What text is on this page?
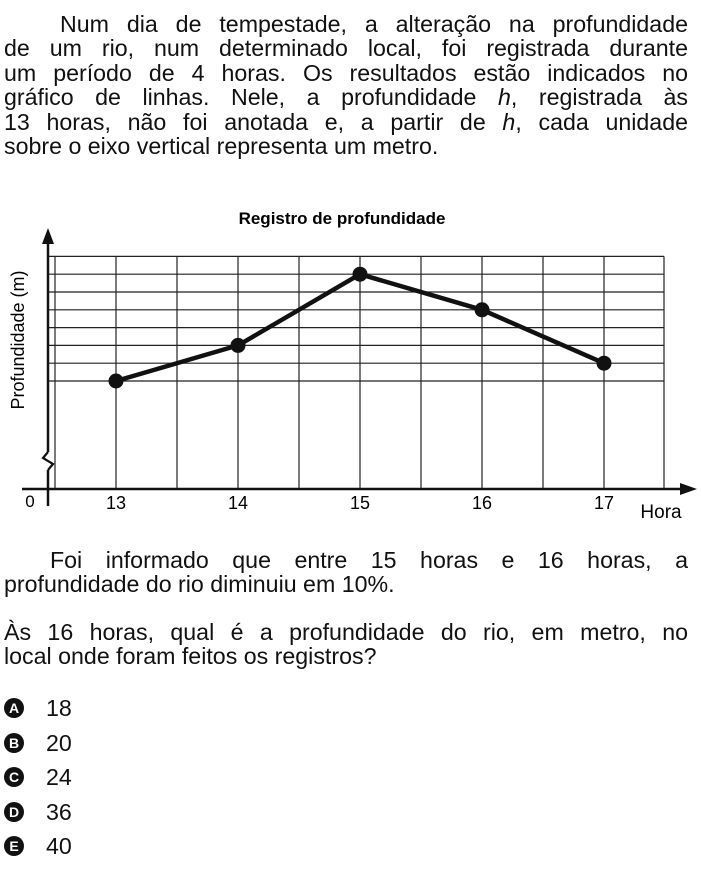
Num dia de tempestade, a alteração na profundidade
de um rio, num determinado local, foi registrada durante
um período de 4 horas. Os resultados estão indicados no
gráfico de linhas. Nele, a profundidade h, registrada às
13 horas, não foi anotada e, a partir de h, cada unidade
sobre o eixo vertical representa um metro.
Registro de profundidade
13	14	15	16	17
0
Hora
Profundidade (m)
Foi informado que entre 15 horas e 16 horas, a
profundidade do rio diminuiu em 10%.
Às 16 horas, qual é a profundidade do rio, em metro, no
local onde foram feitos os registros?
A 18
B 20
C 24
D 36
E 40
